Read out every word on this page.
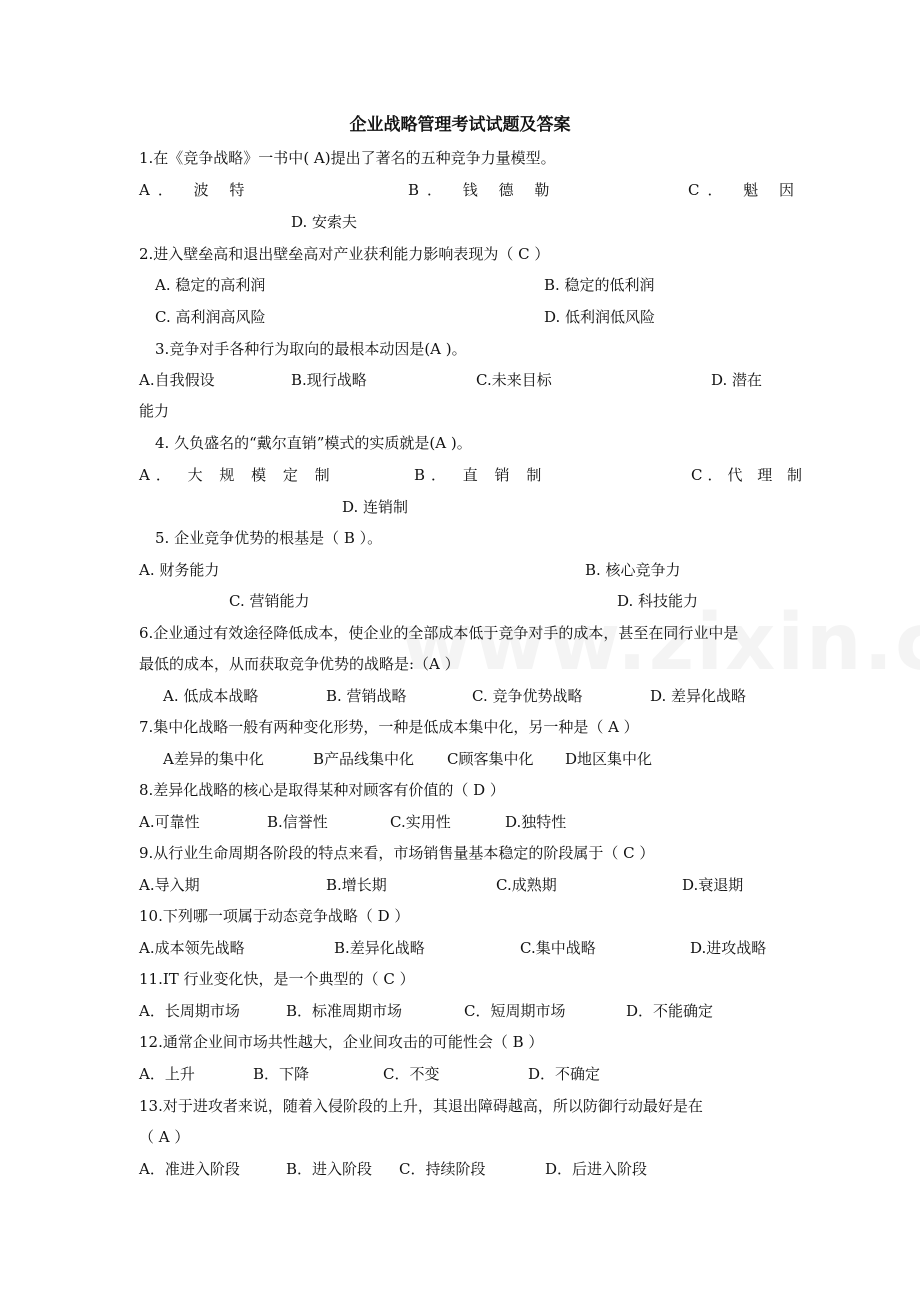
企业战略管理考试试题及答案
1.在《竞争战略》一书中( A)提出了著名的五种竞争力量模型。
A． 波 特	B． 钱 德 勒	C． 魁 因
D. 安索夫
2.进入壁垒高和退出壁垒高对产业获利能力影响表现为（ C ）
A. 稳定的高利润	B. 稳定的低利润
C. 高利润高风险	D. 低利润低风险
3.竞争对手各种行为取向的最根本动因是(A )。
A.自我假设	B.现行战略	C.未来目标	D. 潜在
能力
4. 久负盛名的“戴尔直销”模式的实质就是(A )。
A． 大 规 模 定 制	B． 直 销 制	C．代 理 制
D. 连销制
5. 企业竞争优势的根基是（ B ）。
A. 财务能力	B. 核心竞争力
C. 营销能力	D. 科技能力
6.企业通过有效途径降低成本，使企业的全部成本低于竞争对手的成本，甚至在同行业中是
最低的成本，从而获取竞争优势的战略是:（A ）
A. 低成本战略	B. 营销战略	C. 竞争优势战略	D. 差异化战略
7.集中化战略一般有两种变化形势，一种是低成本集中化，另一种是（ A ）
A差异的集中化	B产品线集中化 C顾客集中化 D地区集中化
8.差异化战略的核心是取得某种对顾客有价值的（ D ）
A.可靠性	B.信誉性	C.实用性	D.独特性
9.从行业生命周期各阶段的特点来看，市场销售量基本稳定的阶段属于（ C ）
A.导入期	B.增长期	C.成熟期	D.衰退期
10.下列哪一项属于动态竞争战略（ D ）
A.成本领先战略	B.差异化战略	C.集中战略	D.进攻战略
11.IT 行业变化快，是一个典型的（ C ）
A．长周期市场	B．标准周期市场	C．短周期市场	D．不能确定
12.通常企业间市场共性越大，企业间攻击的可能性会（ B ）
A．上升	B．下降	C．不变	D．不确定
13.对于进攻者来说，随着入侵阶段的上升，其退出障碍越高，所以防御行动最好是在
（ A ）
A．准进入阶段	B．进入阶段 C．持续阶段	D．后进入阶段
